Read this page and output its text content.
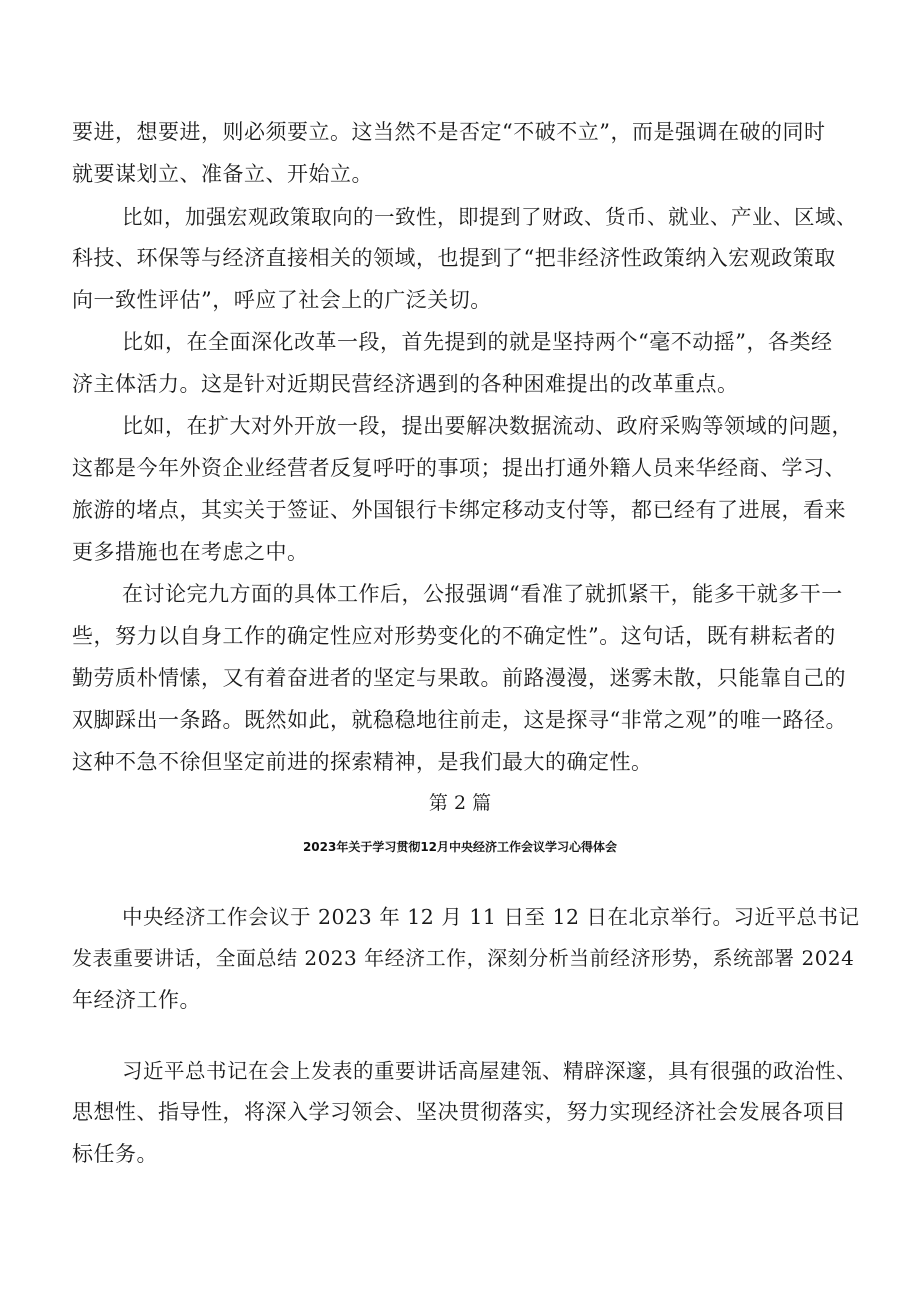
要进，想要进，则必须要立。这当然不是否定“不破不立”，而是强调在破的同时
就要谋划立、准备立、开始立。
比如，加强宏观政策取向的一致性，即提到了财政、货币、就业、产业、区域、
科技、环保等与经济直接相关的领域，也提到了“把非经济性政策纳入宏观政策取
向一致性评估”，呼应了社会上的广泛关切。
比如，在全面深化改革一段，首先提到的就是坚持两个“毫不动摇”，各类经
济主体活力。这是针对近期民营经济遇到的各种困难提出的改革重点。
比如，在扩大对外开放一段，提出要解决数据流动、政府采购等领域的问题，
这都是今年外资企业经营者反复呼吁的事项；提出打通外籍人员来华经商、学习、
旅游的堵点，其实关于签证、外国银行卡绑定移动支付等，都已经有了进展，看来
更多措施也在考虑之中。
在讨论完九方面的具体工作后，公报强调“看准了就抓紧干，能多干就多干一
些，努力以自身工作的确定性应对形势变化的不确定性”。这句话，既有耕耘者的
勤劳质朴情愫，又有着奋进者的坚定与果敢。前路漫漫，迷雾未散，只能靠自己的
双脚踩出一条路。既然如此，就稳稳地往前走，这是探寻“非常之观”的唯一路径。
这种不急不徐但坚定前进的探索精神，是我们最大的确定性。
第 2 篇
2023年关于学习贯彻12月中央经济工作会议学习心得体会
中央经济工作会议于 2023 年 12 月 11 日至 12 日在北京举行。习近平总书记
发表重要讲话，全面总结 2023 年经济工作，深刻分析当前经济形势，系统部署 2024
年经济工作。
习近平总书记在会上发表的重要讲话高屋建瓴、精辟深邃，具有很强的政治性、
思想性、指导性，将深入学习领会、坚决贯彻落实，努力实现经济社会发展各项目
标任务。
